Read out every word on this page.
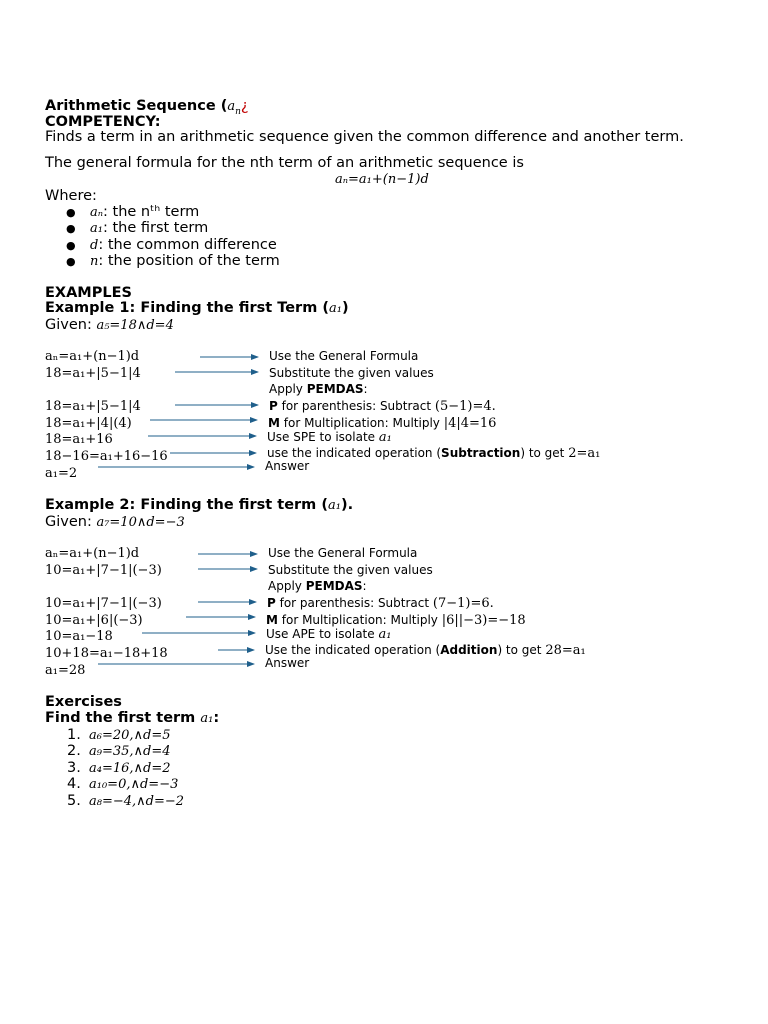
Arithmetic Sequence ($a_n¿$
COMPETENCY:
Finds a term in an arithmetic sequence given the common difference and another term.
The general formula for the nth term of an arithmetic sequence is
aₙ=a₁+(n−1)d
Where:
● aₙ: the nᵗʰ term
● a₁: the first term
● d: the common difference
● n: the position of the term
EXAMPLES
Example 1: Finding the first Term (a₁)
Given: a₅=18∧d=4
aₙ=a₁+(n−1)d
18=a₁+|5−1|4
18=a₁+|5−1|4
18=a₁+|4|(4)
18=a₁+16
18−16=a₁+16−16
a₁=2
Use the General Formula
Substitute the given values
Apply PEMDAS:
P for parenthesis: Subtract (5−1)=4.
M for Multiplication: Multiply |4|4=16
Use SPE to isolate a₁
use the indicated operation (Subtraction) to get 2=a₁
Answer
Example 2: Finding the first term (a₁).
Given: a₇=10∧d=−3
aₙ=a₁+(n−1)d
10=a₁+|7−1|(−3)
10=a₁+|7−1|(−3)
10=a₁+|6|(−3)
10=a₁−18
10+18=a₁−18+18
a₁=28
Use the General Formula
Substitute the given values
Apply PEMDAS:
P for parenthesis: Subtract (7−1)=6.
M for Multiplication: Multiply |6||−3)=−18
Use APE to isolate a₁
Use the indicated operation (Addition) to get 28=a₁
Answer
Exercises
Find the first term a₁:
1. a₆=20,∧d=5
2. a₉=35,∧d=4
3. a₄=16,∧d=2
4. a₁₀=0,∧d=−3
5. a₈=−4,∧d=−2
